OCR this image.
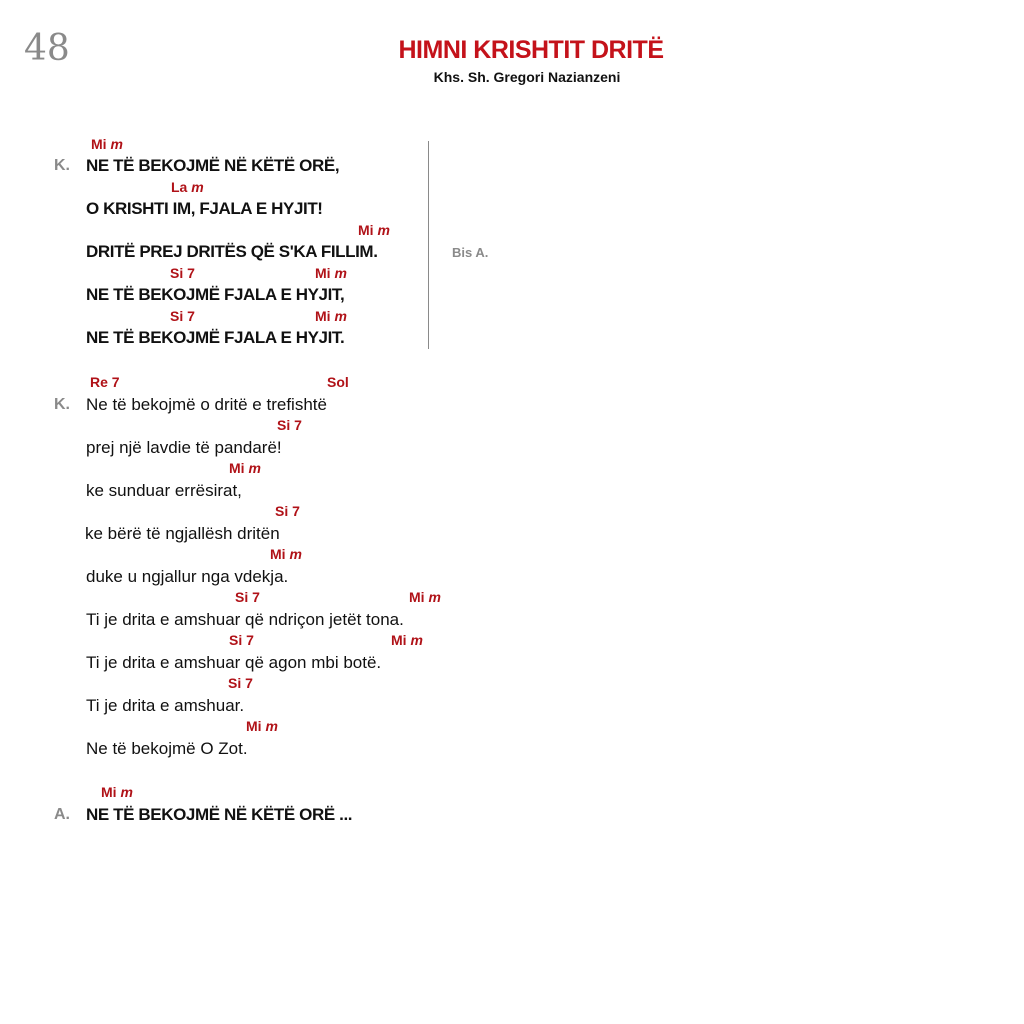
48	HIMNI KRISHTIT DRITË
Khs. Sh. Gregori Nazianzeni
Bis A.
Mi m
K. NE TË BEKOJMË NË KËTË ORË,
La m
O KRISHTI IM, FJALA E HYJIT!
Mi m
DRITË PREJ DRITËS QË S'KA FILLIM.
Si 7	Mi m
NE TË BEKOJMË FJALA E HYJIT,
Si 7	Mi m
NE TË BEKOJMË FJALA E HYJIT.
Re 7	Sol
K. Ne të bekojmë o dritë e trefishtë
Si 7
prej një lavdie të pandarë!
Mi m
ke sunduar errësirat,
Si 7
ke bërë të ngjallësh dritën
Mi m
duke u ngjallur nga vdekja.
Si 7	Mi m
Ti je drita e amshuar që ndriçon jetët tona.
Si 7	Mi m
Ti je drita e amshuar që agon mbi botë.
Si 7
Ti je drita e amshuar.
Mi m
Ne të bekojmë O Zot.
Mi m
A. NE TË BEKOJMË NË KËTË ORË ...
